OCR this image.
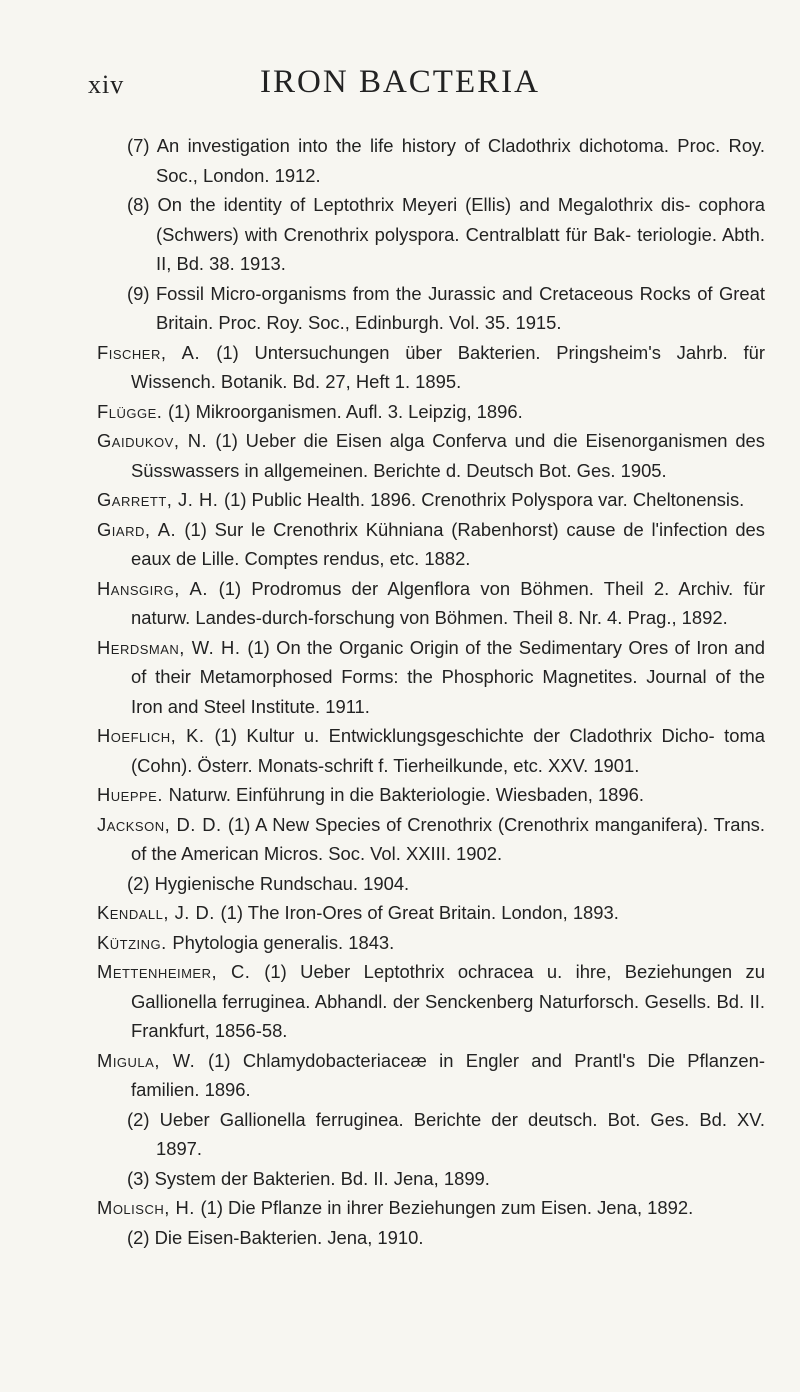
xiv	IRON BACTERIA

(7) An investigation into the life history of Cladothrix dichotoma. Proc. Roy. Soc., London. 1912.

(8) On the identity of Leptothrix Meyeri (Ellis) and Megalothrix dis- cophora (Schwers) with Crenothrix polyspora. Centralblatt für Bak- teriologie. Abth. II, Bd. 38. 1913.

(9) Fossil Micro-organisms from the Jurassic and Cretaceous Rocks of Great Britain. Proc. Roy. Soc., Edinburgh. Vol. 35. 1915.

Fischer, A. (1) Untersuchungen über Bakterien. Pringsheim's Jahrb. für Wissench. Botanik. Bd. 27, Heft 1. 1895.

Flügge. (1) Mikroorganismen. Aufl. 3. Leipzig, 1896.

Gaidukov, N. (1) Ueber die Eisen alga Conferva und die Eisenorganismen des Süsswassers in allgemeinen. Berichte d. Deutsch Bot. Ges. 1905.

Garrett, J. H. (1) Public Health. 1896. Crenothrix Polyspora var. Cheltonensis.

Giard, A. (1) Sur le Crenothrix Kühniana (Rabenhorst) cause de l'infection des eaux de Lille. Comptes rendus, etc. 1882.

Hansgirg, A. (1) Prodromus der Algenflora von Böhmen. Theil 2. Archiv. für naturw. Landes-durch-forschung von Böhmen. Theil 8. Nr. 4. Prag., 1892.

Herdsman, W. H. (1) On the Organic Origin of the Sedimentary Ores of Iron and of their Metamorphosed Forms: the Phosphoric Magnetites. Journal of the Iron and Steel Institute. 1911.

Hoeflich, K. (1) Kultur u. Entwicklungsgeschichte der Cladothrix Dicho- toma (Cohn). Österr. Monats-schrift f. Tierheilkunde, etc. XXV. 1901.

Hueppe. Naturw. Einführung in die Bakteriologie. Wiesbaden, 1896.

Jackson, D. D. (1) A New Species of Crenothrix (Crenothrix manganifera). Trans. of the American Micros. Soc. Vol. XXIII. 1902.

(2) Hygienische Rundschau. 1904.

Kendall, J. D. (1) The Iron-Ores of Great Britain. London, 1893.

Kützing. Phytologia generalis. 1843.

Mettenheimer, C. (1) Ueber Leptothrix ochracea u. ihre, Beziehungen zu Gallionella ferruginea. Abhandl. der Senckenberg Naturforsch. Gesells. Bd. II. Frankfurt, 1856-58.

Migula, W. (1) Chlamydobacteriaceæ in Engler and Prantl's Die Pflanzen- familien. 1896.

(2) Ueber Gallionella ferruginea. Berichte der deutsch. Bot. Ges. Bd. XV. 1897.

(3) System der Bakterien. Bd. II. Jena, 1899.

Molisch, H. (1) Die Pflanze in ihrer Beziehungen zum Eisen. Jena, 1892.

(2) Die Eisen-Bakterien. Jena, 1910.
